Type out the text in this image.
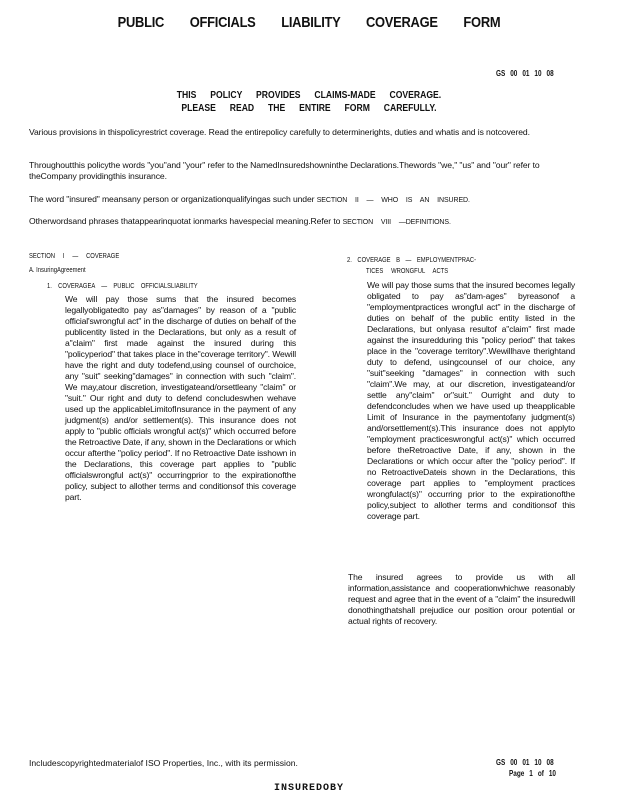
PUBLIC OFFICIALS LIABILITY COVERAGE FORM
GS 00 01 10 08
THIS POLICY PROVIDES CLAIMS-MADE COVERAGE.
PLEASE READ THE ENTIRE FORM CAREFULLY.
Various provisions in thispolicyrestrict coverage. Read the entirepolicy carefully to determinerights, duties and whatis and is notcovered.
Throughoutthis policythe words "you"and "your" refer to the NamedInsuredshowninthe Declarations.Thewords "we," "us" and "our" refer to theCompany providingthis insurance.
The word "insured" meansany person or organizationqualifyingas such under SECTION II — WHO IS AN INSURED.
Otherwordsand phrases thatappearinquotat ionmarks havespecial meaning.Refer to SECTION VIII —DEFINITIONS.
SECTION I — COVERAGE
A. InsuringAgreement
1. COVERAGEA — PUBLIC OFFICIALSLIABILITY
We will pay those sums that the insured becomes legallyobligatedto pay as"damages" by reason of a "public official'swrongful act" in the discharge of duties on behalf of the publicentity listed in the Declarations, but only as a result of a"claim" first made against the insured during this "policyperiod" that takes place in the"coverage territory". Wewill have the right and duty todefend,using counsel of ourchoice, any "suit" seeking"damages" in connection with such "claim". We may,atour discretion, investigateand/orsettleany "claim" or "suit." Our right and duty to defend concludeswhen wehave used up the applicableLimitofInsurance in the payment of any judgment(s) and/or settlement(s). This insurance does not apply to "public officials wrongful act(s)" which occurred before the Retroactive Date, if any, shown in the Declarations or which occur afterthe "policy period". If no Retroactive Date isshown in the Declarations, this coverage part applies to "public officialswrongful act(s)" occurringprior to the expirationofthe policy, subject to allother terms and conditionsof this coverage part.
2. COVERAGE B — EMPLOYMENTPRAC-
TICES WRONGFUL ACTS
We will pay those sums that the insured becomes legally obligated to pay as"dam-ages" byreasonof a "employmentpractices wrongful act" in the discharge of duties on behalf of the public entity listed in the Declarations, but onlyasa resultof a"claim" first made against the insuredduring this "policy period" that takes place in the "coverage territory".Wewillhave therightand duty to defend, usingcounsel of our choice, any "suit"seeking "damages" in connection with such "claim".We may, at our discretion, investigateand/or settle any"claim" or"suit." Ourright and duty to defendconcludes when we have used up theapplicable Limit of Insurance in the paymentofany judgment(s) and/orsettlement(s).This insurance does not applyto "employment practiceswrongful act(s)" which occurred before theRetroactive Date, if any, shown in the Declarations or which occur after the "policy period". If no RetroactiveDateis shown in the Declarations, this coverage part applies to "employment practices wrongfulact(s)" occurring prior to the expirationofthe policy,subject to allother terms and conditionsof this coverage part.
The insured agrees to provide us with all information,assistance and cooperationwhichwe reasonably request and agree that in the event of a "claim" the insuredwill donothingthatshall prejudice our position orour potential or actual rights of recovery.
Includescopyrightedmaterialof ISO Properties, Inc., with its permission.	GS 00 01 10 08
Page 1 of 10
INSUREDOBY
